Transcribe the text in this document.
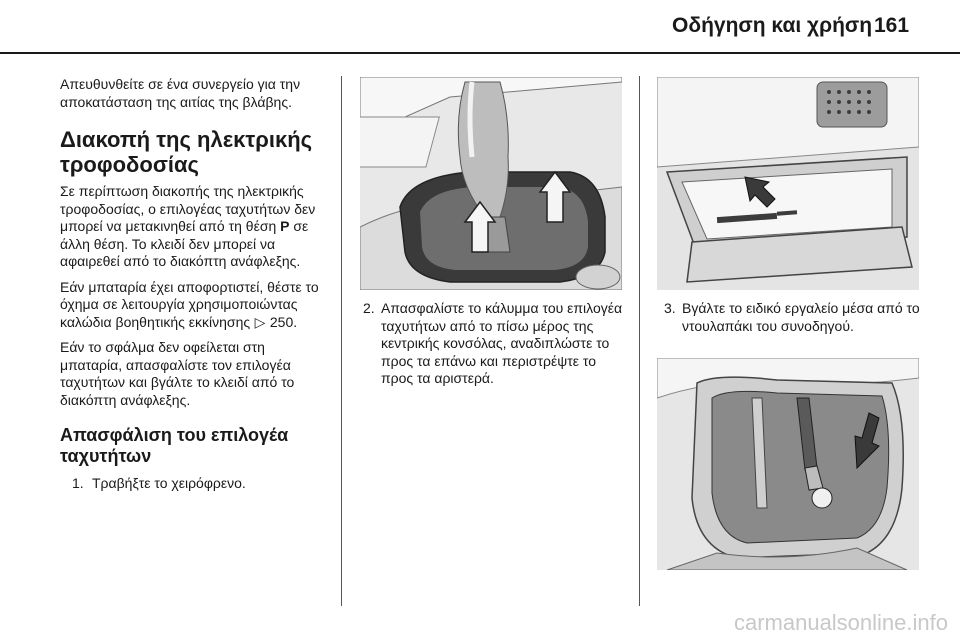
Οδήγηση και χρήση 161

Απευθυνθείτε σε ένα συνεργείο για την αποκατάσταση της αιτίας της βλάβης.

Διακοπή της ηλεκτρικής τροφοδοσίας

Σε περίπτωση διακοπής της ηλεκτρικής τροφοδοσίας, ο επιλογέας ταχυτήτων δεν μπορεί να μετακινηθεί από τη θέση P σε άλλη θέση. Το κλειδί δεν μπορεί να αφαιρεθεί από το διακόπτη ανάφλεξης.

Εάν μπαταρία έχει αποφορτιστεί, θέστε το όχημα σε λειτουργία χρησιμοποιώντας καλώδια βοηθητικής εκκίνησης ▷ 250.

Εάν το σφάλμα δεν οφείλεται στη μπαταρία, απασφαλίστε τον επιλογέα ταχυτήτων και βγάλτε το κλειδί από το διακόπτη ανάφλεξης.

Απασφάλιση του επιλογέα ταχυτήτων
1. Τραβήξτε το χειρόφρενο.
2. Απασφαλίστε το κάλυμμα του επιλογέα ταχυτήτων από το πίσω μέρος της κεντρικής κονσόλας, αναδιπλώστε το προς τα επάνω και περιστρέψτε το προς τα αριστερά.
3. Βγάλτε το ειδικό εργαλείο μέσα από το ντουλαπάκι του συνοδηγού.
carmanualsonline.info
